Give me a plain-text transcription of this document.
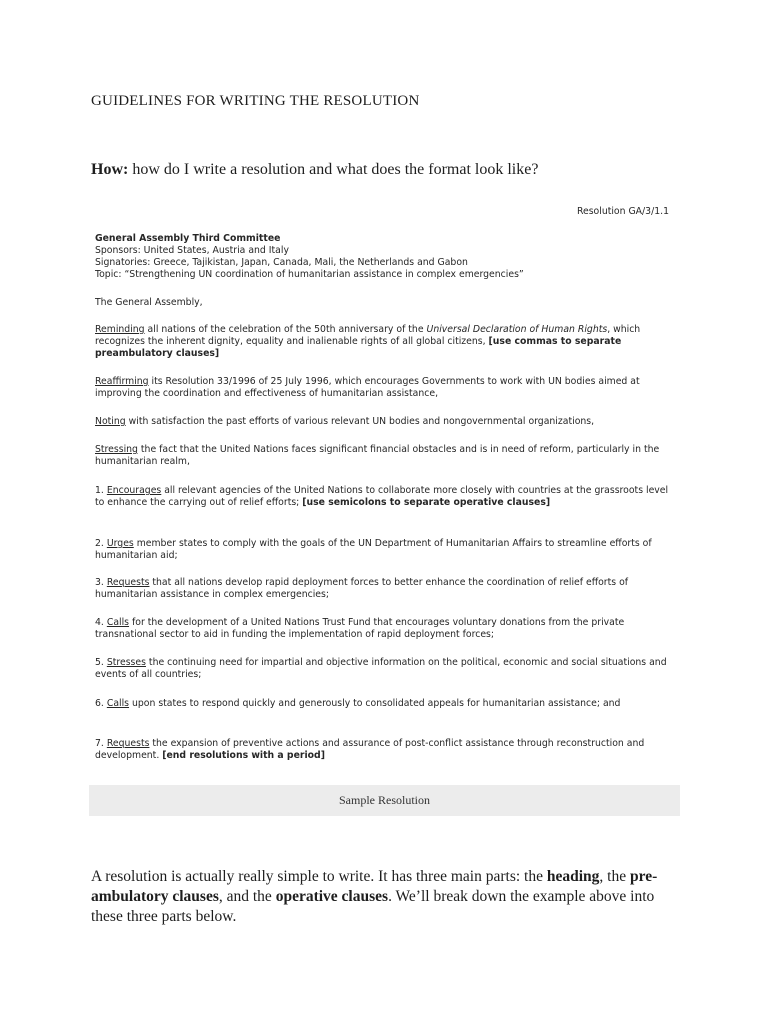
GUIDELINES FOR WRITING THE RESOLUTION
How: how do I write a resolution and what does the format look like?
Resolution GA/3/1.1
General Assembly Third Committee
Sponsors: United States, Austria and Italy
Signatories: Greece, Tajikistan, Japan, Canada, Mali, the Netherlands and Gabon
Topic: “Strengthening UN coordination of humanitarian assistance in complex emergencies”
The General Assembly,
Reminding all nations of the celebration of the 50th anniversary of the Universal Declaration of Human Rights, which recognizes the inherent dignity, equality and inalienable rights of all global citizens, [use commas to separate preambulatory clauses]
Reaffirming its Resolution 33/1996 of 25 July 1996, which encourages Governments to work with UN bodies aimed at improving the coordination and effectiveness of humanitarian assistance,
Noting with satisfaction the past efforts of various relevant UN bodies and nongovernmental organizations,
Stressing the fact that the United Nations faces significant financial obstacles and is in need of reform, particularly in the humanitarian realm,
1. Encourages all relevant agencies of the United Nations to collaborate more closely with countries at the grassroots level to enhance the carrying out of relief efforts; [use semicolons to separate operative clauses]
2. Urges member states to comply with the goals of the UN Department of Humanitarian Affairs to streamline efforts of humanitarian aid;
3. Requests that all nations develop rapid deployment forces to better enhance the coordination of relief efforts of humanitarian assistance in complex emergencies;
4. Calls for the development of a United Nations Trust Fund that encourages voluntary donations from the private transnational sector to aid in funding the implementation of rapid deployment forces;
5. Stresses the continuing need for impartial and objective information on the political, economic and social situations and events of all countries;
6. Calls upon states to respond quickly and generously to consolidated appeals for humanitarian assistance; and
7. Requests the expansion of preventive actions and assurance of post-conflict assistance through reconstruction and development. [end resolutions with a period]
Sample Resolution
A resolution is actually really simple to write. It has three main parts: the heading, the pre-ambulatory clauses, and the operative clauses. We’ll break down the example above into these three parts below.
